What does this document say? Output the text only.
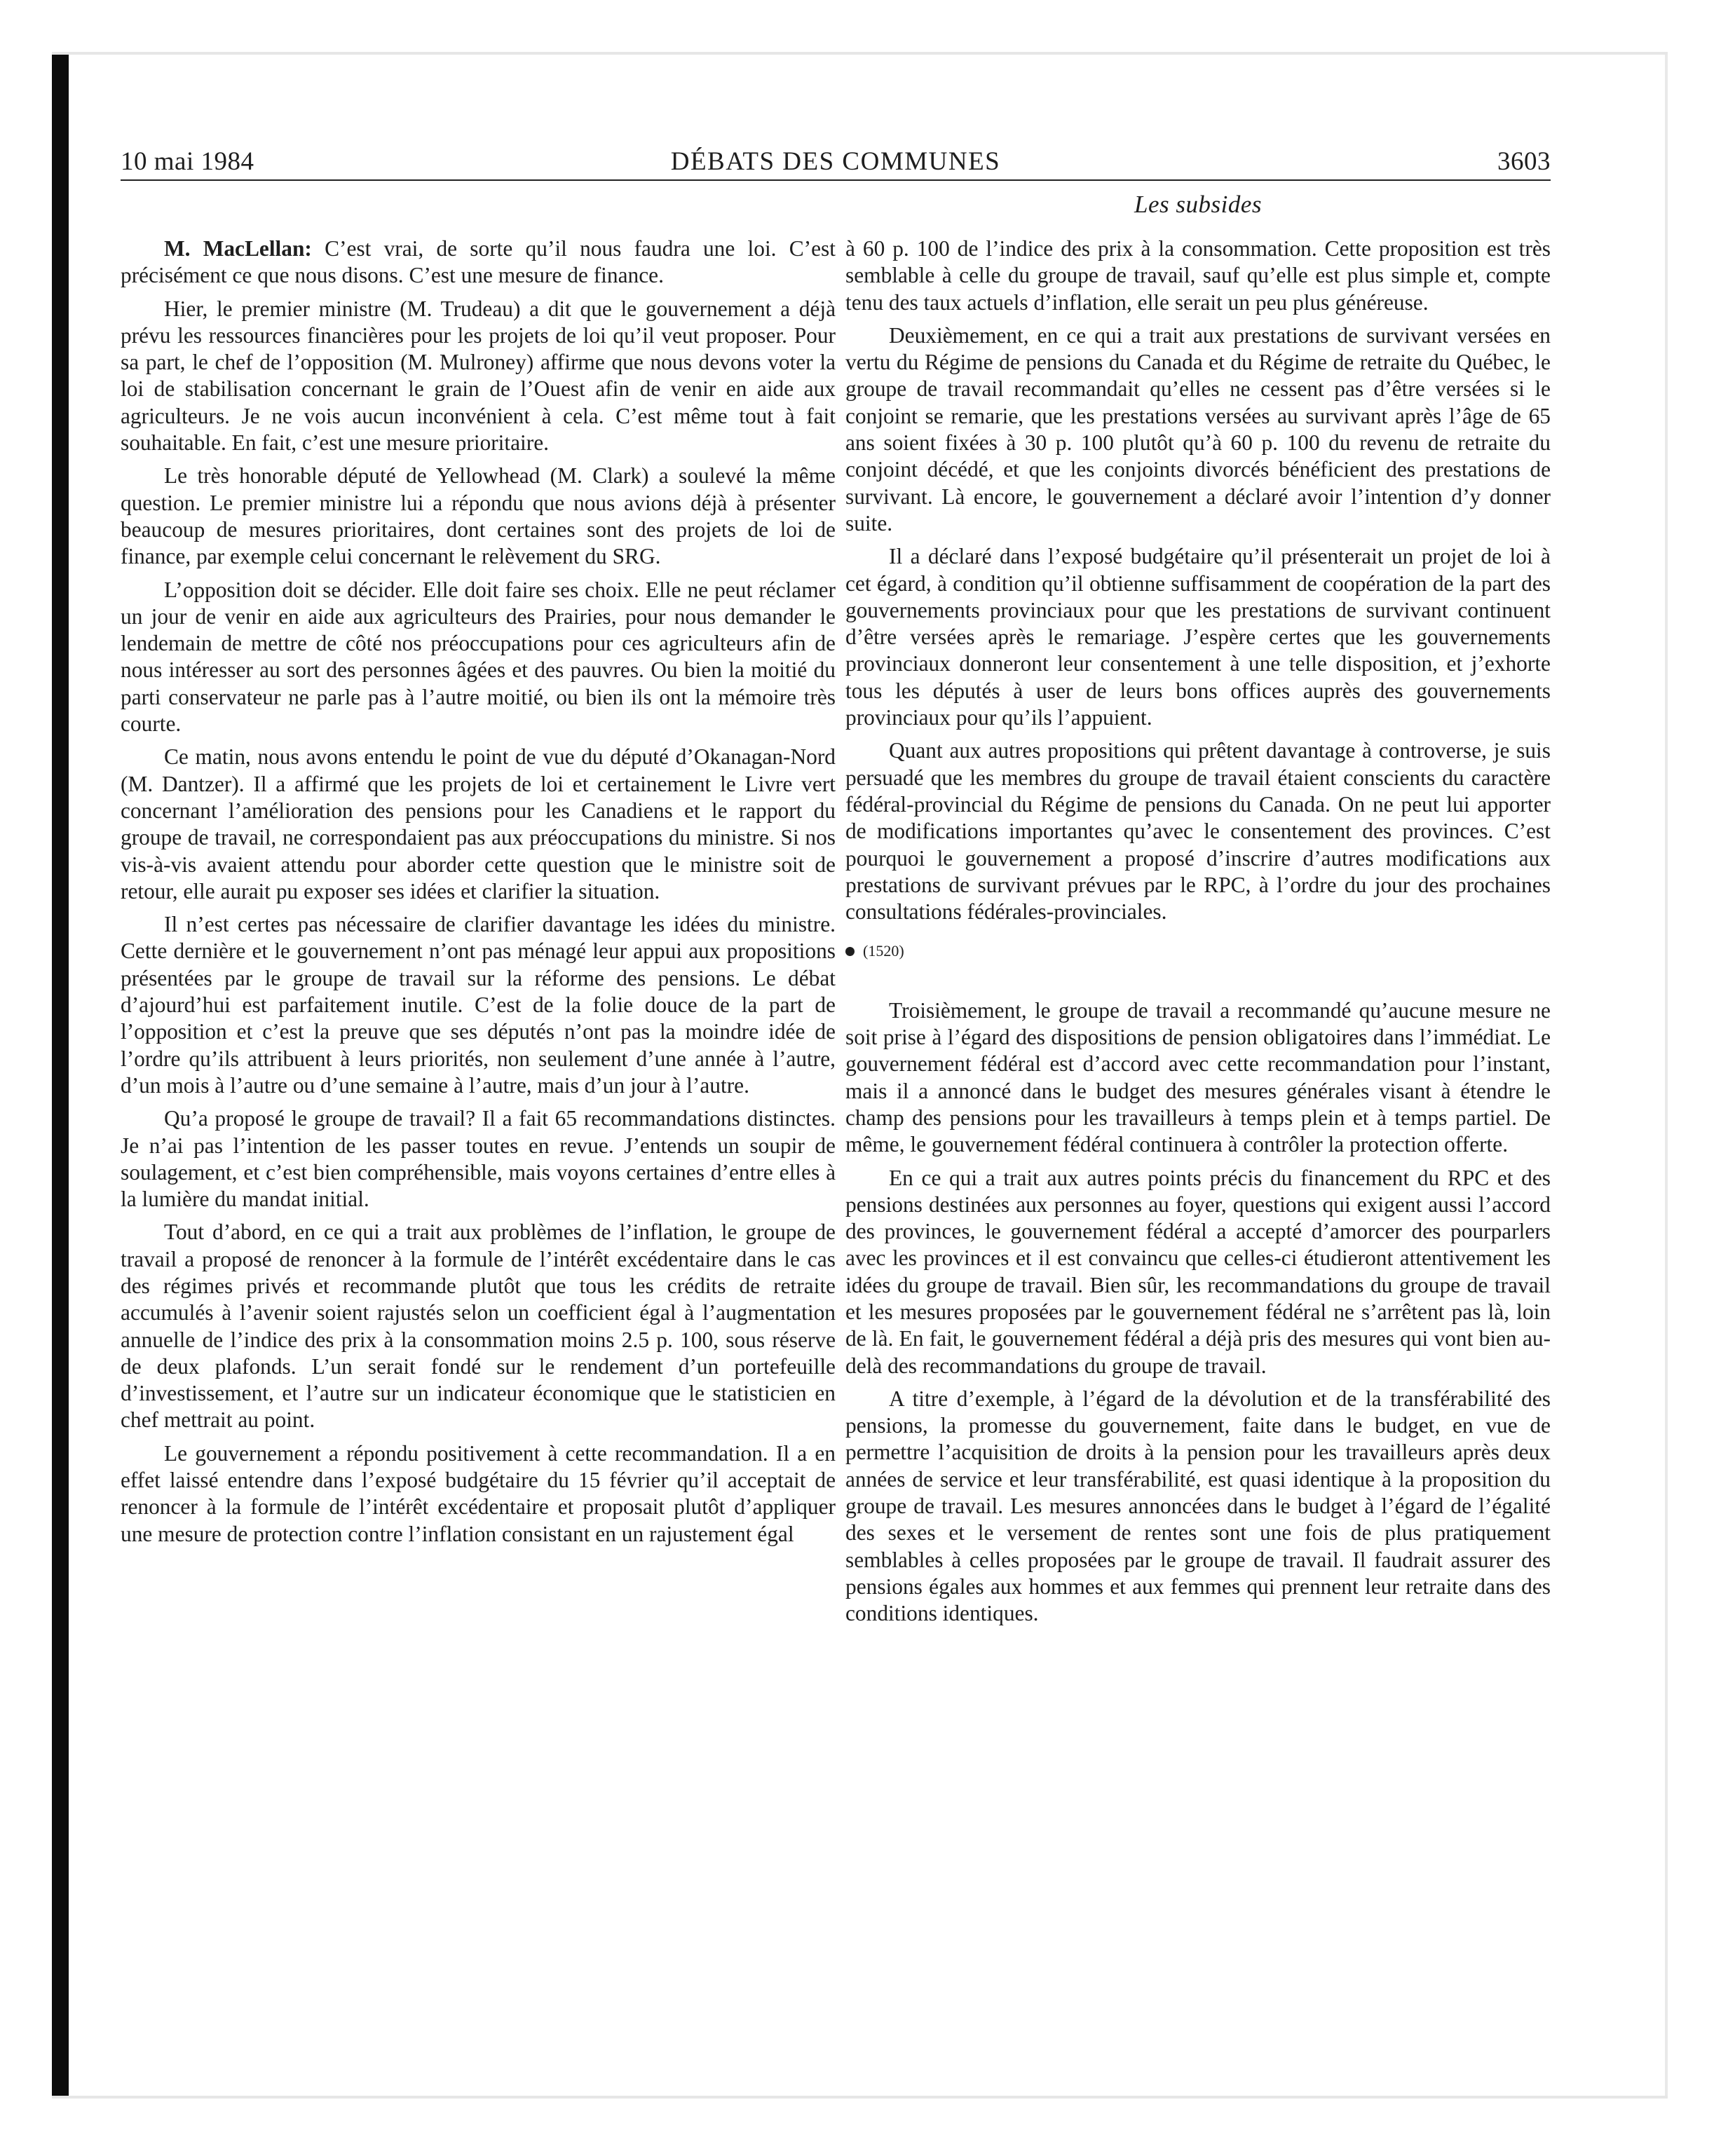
10 mai 1984	DÉBATS DES COMMUNES	3603
Les subsides

M. MacLellan: C’est vrai, de sorte qu’il nous faudra une loi. C’est précisément ce que nous disons. C’est une mesure de finance.

Hier, le premier ministre (M. Trudeau) a dit que le gouvernement a déjà prévu les ressources financières pour les projets de loi qu’il veut proposer. Pour sa part, le chef de l’opposition (M. Mulroney) affirme que nous devons voter la loi de stabilisation concernant le grain de l’Ouest afin de venir en aide aux agriculteurs. Je ne vois aucun inconvénient à cela. C’est même tout à fait souhaitable. En fait, c’est une mesure prioritaire.

Le très honorable député de Yellowhead (M. Clark) a soulevé la même question. Le premier ministre lui a répondu que nous avions déjà à présenter beaucoup de mesures prioritaires, dont certaines sont des projets de loi de finance, par exemple celui concernant le relèvement du SRG.

L’opposition doit se décider. Elle doit faire ses choix. Elle ne peut réclamer un jour de venir en aide aux agriculteurs des Prairies, pour nous demander le lendemain de mettre de côté nos préoccupations pour ces agriculteurs afin de nous intéresser au sort des personnes âgées et des pauvres. Ou bien la moitié du parti conservateur ne parle pas à l’autre moitié, ou bien ils ont la mémoire très courte.

Ce matin, nous avons entendu le point de vue du député d’Okanagan-Nord (M. Dantzer). Il a affirmé que les projets de loi et certainement le Livre vert concernant l’amélioration des pensions pour les Canadiens et le rapport du groupe de travail, ne correspondaient pas aux préoccupations du ministre. Si nos vis-à-vis avaient attendu pour aborder cette question que le ministre soit de retour, elle aurait pu exposer ses idées et clarifier la situation.

Il n’est certes pas nécessaire de clarifier davantage les idées du ministre. Cette dernière et le gouvernement n’ont pas ménagé leur appui aux propositions présentées par le groupe de travail sur la réforme des pensions. Le débat d’ajourd’hui est parfaitement inutile. C’est de la folie douce de la part de l’opposition et c’est la preuve que ses députés n’ont pas la moindre idée de l’ordre qu’ils attribuent à leurs priorités, non seulement d’une année à l’autre, d’un mois à l’autre ou d’une semaine à l’autre, mais d’un jour à l’autre.

Qu’a proposé le groupe de travail? Il a fait 65 recommandations distinctes. Je n’ai pas l’intention de les passer toutes en revue. J’entends un soupir de soulagement, et c’est bien compréhensible, mais voyons certaines d’entre elles à la lumière du mandat initial.

Tout d’abord, en ce qui a trait aux problèmes de l’inflation, le groupe de travail a proposé de renoncer à la formule de l’intérêt excédentaire dans le cas des régimes privés et recommande plutôt que tous les crédits de retraite accumulés à l’avenir soient rajustés selon un coefficient égal à l’augmentation annuelle de l’indice des prix à la consommation moins 2.5 p. 100, sous réserve de deux plafonds. L’un serait fondé sur le rendement d’un portefeuille d’investissement, et l’autre sur un indicateur économique que le statisticien en chef mettrait au point.

Le gouvernement a répondu positivement à cette recommandation. Il a en effet laissé entendre dans l’exposé budgétaire du 15 février qu’il acceptait de renoncer à la formule de l’intérêt excédentaire et proposait plutôt d’appliquer une mesure de protection contre l’inflation consistant en un rajustement égal

à 60 p. 100 de l’indice des prix à la consommation. Cette proposition est très semblable à celle du groupe de travail, sauf qu’elle est plus simple et, compte tenu des taux actuels d’inflation, elle serait un peu plus généreuse.

Deuxièmement, en ce qui a trait aux prestations de survivant versées en vertu du Régime de pensions du Canada et du Régime de retraite du Québec, le groupe de travail recommandait qu’elles ne cessent pas d’être versées si le conjoint se remarie, que les prestations versées au survivant après l’âge de 65 ans soient fixées à 30 p. 100 plutôt qu’à 60 p. 100 du revenu de retraite du conjoint décédé, et que les conjoints divorcés bénéficient des prestations de survivant. Là encore, le gouvernement a déclaré avoir l’intention d’y donner suite.

Il a déclaré dans l’exposé budgétaire qu’il présenterait un projet de loi à cet égard, à condition qu’il obtienne suffisamment de coopération de la part des gouvernements provinciaux pour que les prestations de survivant continuent d’être versées après le remariage. J’espère certes que les gouvernements provinciaux donneront leur consentement à une telle disposition, et j’exhorte tous les députés à user de leurs bons offices auprès des gouvernements provinciaux pour qu’ils l’appuient.

Quant aux autres propositions qui prêtent davantage à controverse, je suis persuadé que les membres du groupe de travail étaient conscients du caractère fédéral-provincial du Régime de pensions du Canada. On ne peut lui apporter de modifications importantes qu’avec le consentement des provinces. C’est pourquoi le gouvernement a proposé d’inscrire d’autres modifications aux prestations de survivant prévues par le RPC, à l’ordre du jour des prochaines consultations fédérales-provinciales.

(1520)

Troisièmement, le groupe de travail a recommandé qu’aucune mesure ne soit prise à l’égard des dispositions de pension obligatoires dans l’immédiat. Le gouvernement fédéral est d’accord avec cette recommandation pour l’instant, mais il a annoncé dans le budget des mesures générales visant à étendre le champ des pensions pour les travailleurs à temps plein et à temps partiel. De même, le gouvernement fédéral continuera à contrôler la protection offerte.

En ce qui a trait aux autres points précis du financement du RPC et des pensions destinées aux personnes au foyer, questions qui exigent aussi l’accord des provinces, le gouvernement fédéral a accepté d’amorcer des pourparlers avec les provinces et il est convaincu que celles-ci étudieront attentivement les idées du groupe de travail. Bien sûr, les recommandations du groupe de travail et les mesures proposées par le gouvernement fédéral ne s’arrêtent pas là, loin de là. En fait, le gouvernement fédéral a déjà pris des mesures qui vont bien au-delà des recommandations du groupe de travail.

A titre d’exemple, à l’égard de la dévolution et de la transférabilité des pensions, la promesse du gouvernement, faite dans le budget, en vue de permettre l’acquisition de droits à la pension pour les travailleurs après deux années de service et leur transférabilité, est quasi identique à la proposition du groupe de travail. Les mesures annoncées dans le budget à l’égard de l’égalité des sexes et le versement de rentes sont une fois de plus pratiquement semblables à celles proposées par le groupe de travail. Il faudrait assurer des pensions égales aux hommes et aux femmes qui prennent leur retraite dans des conditions identiques.
